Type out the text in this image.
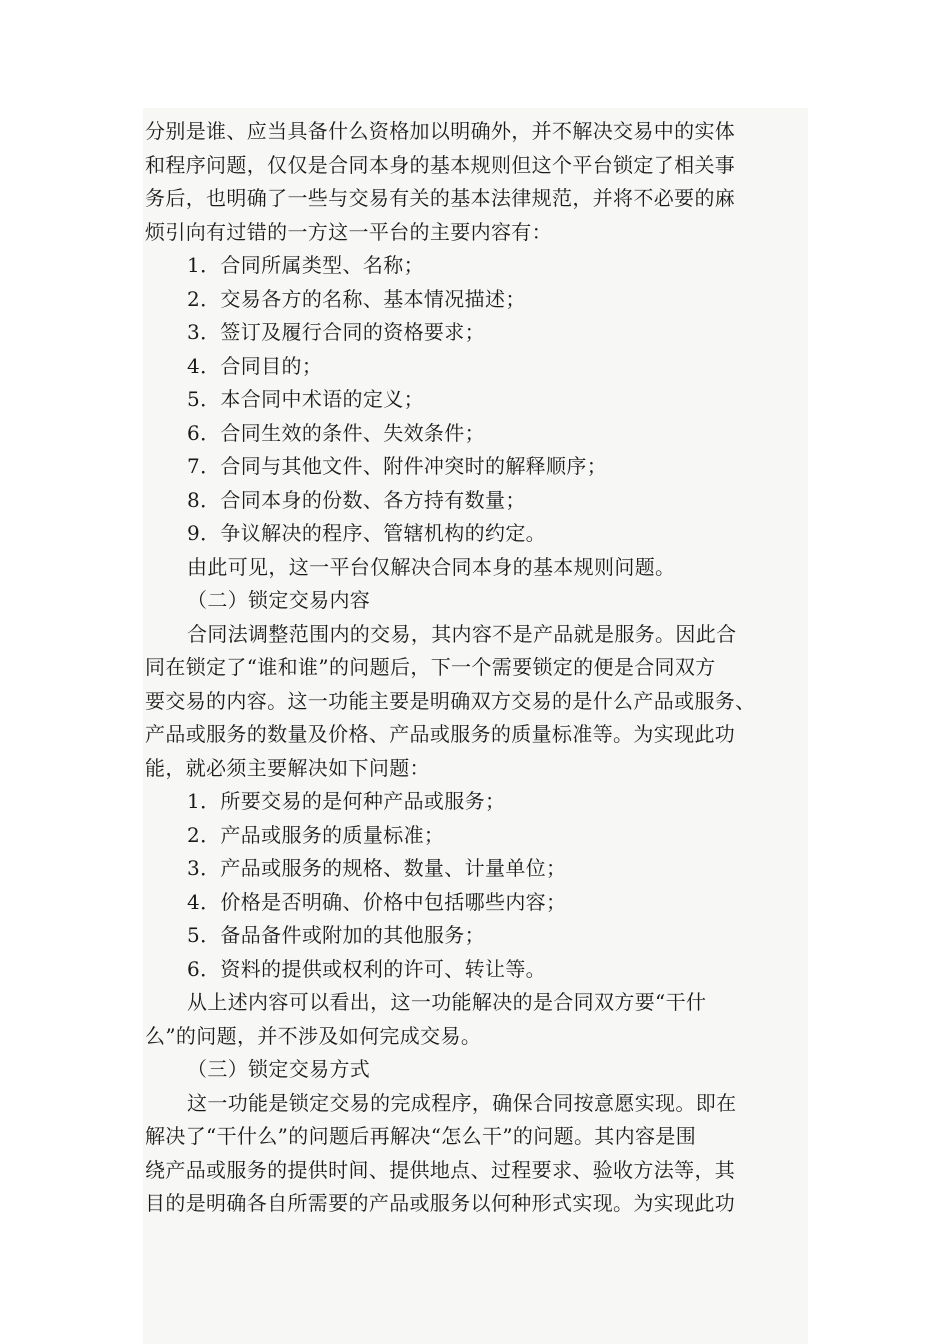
分别是谁、应当具备什么资格加以明确外，并不解决交易中的实体
和程序问题，仅仅是合同本身的基本规则但这个平台锁定了相关事
务后，也明确了一些与交易有关的基本法律规范，并将不必要的麻
烦引向有过错的一方这一平台的主要内容有：
1．合同所属类型、名称；
2．交易各方的名称、基本情况描述；
3．签订及履行合同的资格要求；
4．合同目的；
5．本合同中术语的定义；
6．合同生效的条件、失效条件；
7．合同与其他文件、附件冲突时的解释顺序；
8．合同本身的份数、各方持有数量；
9．争议解决的程序、管辖机构的约定。
由此可见，这一平台仅解决合同本身的基本规则问题。
（二）锁定交易内容
合同法调整范围内的交易，其内容不是产品就是服务。因此合
同在锁定了“谁和谁”的问题后，下一个需要锁定的便是合同双方
要交易的内容。这一功能主要是明确双方交易的是什么产品或服务、
产品或服务的数量及价格、产品或服务的质量标准等。为实现此功
能，就必须主要解决如下问题：
1．所要交易的是何种产品或服务；
2．产品或服务的质量标准；
3．产品或服务的规格、数量、计量单位；
4．价格是否明确、价格中包括哪些内容；
5．备品备件或附加的其他服务；
6．资料的提供或权利的许可、转让等。
从上述内容可以看出，这一功能解决的是合同双方要“干什
么”的问题，并不涉及如何完成交易。
（三）锁定交易方式
这一功能是锁定交易的完成程序，确保合同按意愿实现。即在
解决了“干什么”的问题后再解决“怎么干”的问题。其内容是围
绕产品或服务的提供时间、提供地点、过程要求、验收方法等，其
目的是明确各自所需要的产品或服务以何种形式实现。为实现此功
